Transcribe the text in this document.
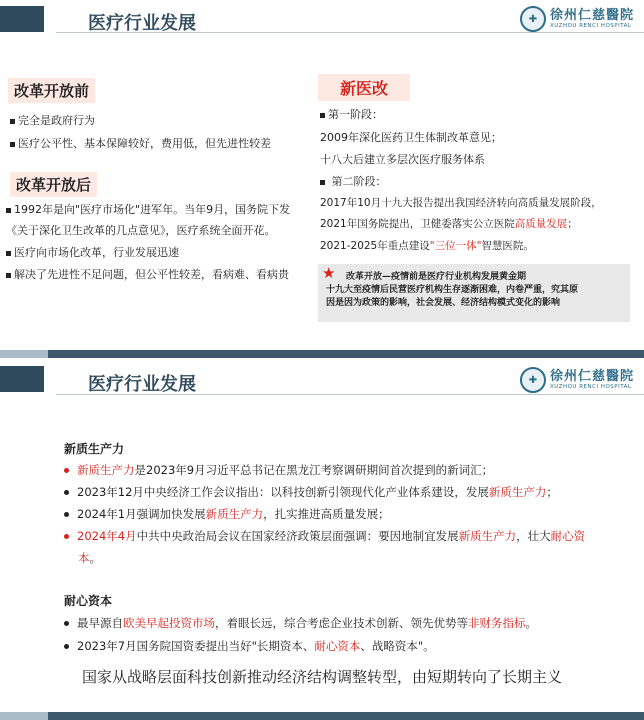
医疗行业发展	✚ 徐州仁慈醫院
XUZHOU RENCI HOSPITAL
改革开放前
完全是政府行为
医疗公平性、基本保障较好，费用低，但先进性较差
改革开放后
1992年是向"医疗市场化"进军年。当年9月，国务院下发
《关于深化卫生改革的几点意见》，医疗系统全面开花。
医疗向市场化改革，行业发展迅速
解决了先进性不足问题，但公平性较差，看病难、看病贵
新医改
第一阶段：
2009年深化医药卫生体制改革意见；
十八大后建立多层次医疗服务体系
第二阶段：
2017年10月十九大报告提出我国经济转向高质量发展阶段，
2021年国务院提出，卫健委落实公立医院高质量发展；
2021-2025年重点建设"三位一体"智慧医院。
★ 改革开放—疫情前是医疗行业机构发展黄金期
十九大至疫情后民营医疗机构生存逐渐困难，内卷严重，究其原
因是因为政策的影响，社会发展、经济结构模式变化的影响
医疗行业发展	✚ 徐州仁慈醫院
XUZHOU RENCI HOSPITAL
新质生产力
新质生产力是2023年9月习近平总书记在黑龙江考察调研期间首次提到的新词汇；
2023年12月中央经济工作会议指出：以科技创新引领现代化产业体系建设，发展新质生产力；
2024年1月强调加快发展新质生产力，扎实推进高质量发展；
2024年4月中共中央政治局会议在国家经济政策层面强调：要因地制宜发展新质生产力，壮大耐心资
本。
耐心资本
最早源自欧美早起投资市场，着眼长远，综合考虑企业技术创新、领先优势等非财务指标。
2023年7月国务院国资委提出当好"长期资本、耐心资本、战略资本"。
国家从战略层面科技创新推动经济结构调整转型，由短期转向了长期主义
